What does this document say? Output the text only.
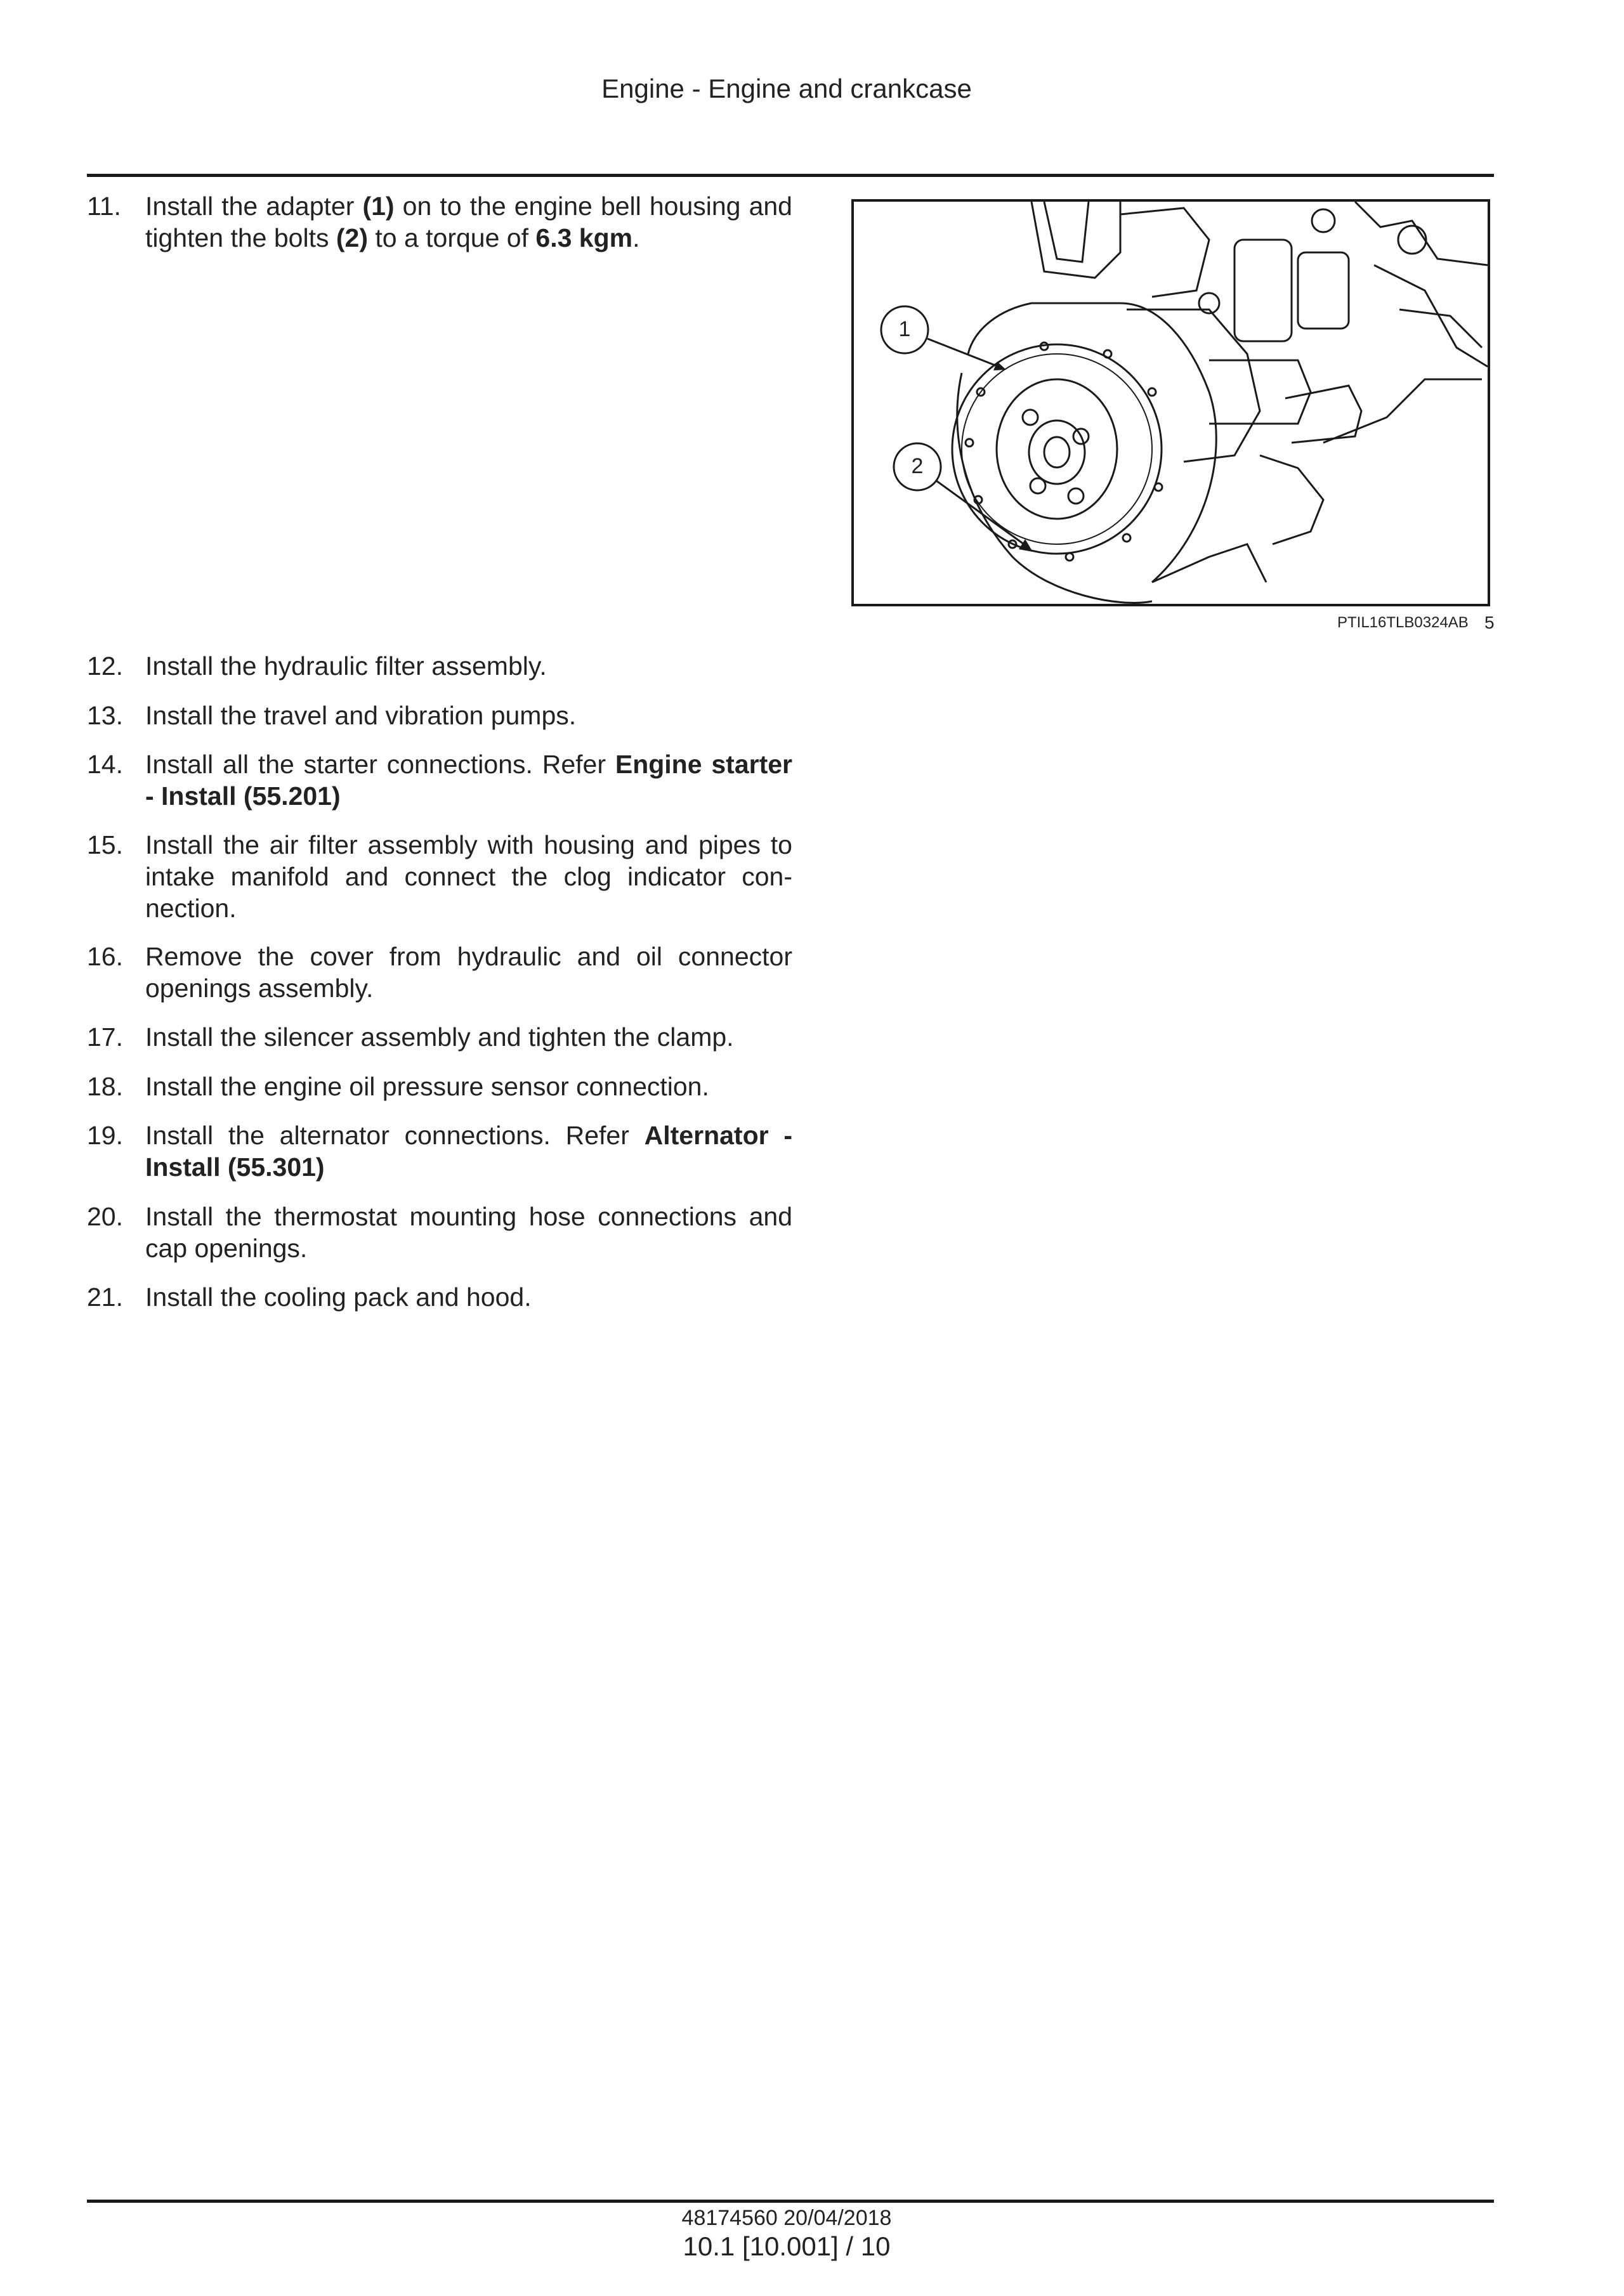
Engine - Engine and crankcase
11. Install the adapter (1) on to the engine bell housing and tighten the bolts (2) to a torque of 6.3 kgm.
12. Install the hydraulic filter assembly.
13. Install the travel and vibration pumps.
14. Install all the starter connections. Refer Engine starter - Install (55.201)
15. Install the air filter assembly with housing and pipes to intake manifold and connect the clog indicator con- nection.
16. Remove the cover from hydraulic and oil connector openings assembly.
17. Install the silencer assembly and tighten the clamp.
18. Install the engine oil pressure sensor connection.
19. Install the alternator connections. Refer Alternator - Install (55.301)
20. Install the thermostat mounting hose connections and cap openings.
21. Install the cooling pack and hood.
1
2
PTIL16TLB0324AB 5
48174560 20/04/2018
10.1 [10.001] / 10
